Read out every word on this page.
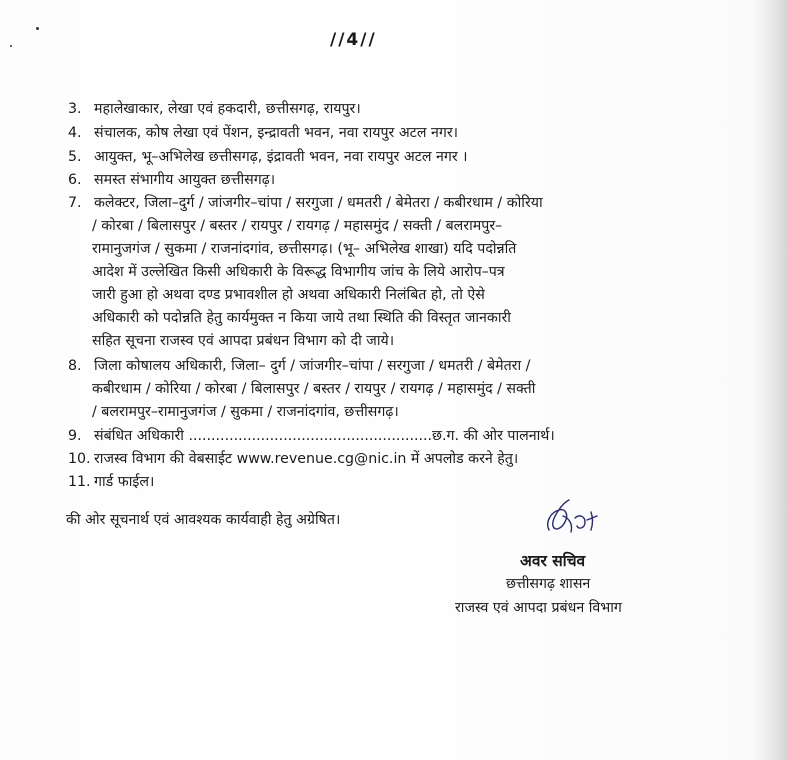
//4//
3. महालेखाकार, लेखा एवं हकदारी, छत्तीसगढ़, रायपुर।
4. संचालक, कोष लेखा एवं पेंशन, इन्द्रावती भवन, नवा रायपुर अटल नगर।
5. आयुक्त, भू–अभिलेख छत्तीसगढ़, इंद्रावती भवन, नवा रायपुर अटल नगर ।
6. समस्त संभागीय आयुक्त छत्तीसगढ़।
7. कलेक्टर, जिला–दुर्ग / जांजगीर–चांपा / सरगुजा / धमतरी / बेमेतरा / कबीरधाम / कोरिया
/ कोरबा / बिलासपुर / बस्तर / रायपुर / रायगढ़ / महासमुंद / सक्ती / बलरामपुर–
रामानुजगंज / सुकमा / राजनांदगांव, छत्तीसगढ़। (भू– अभिलेख शाखा) यदि पदोन्नति
आदेश में उल्लेखित किसी अधिकारी के विरूद्ध विभागीय जांच के लिये आरोप–पत्र
जारी हुआ हो अथवा दण्ड प्रभावशील हो अथवा अधिकारी निलंबित हो, तो ऐसे
अधिकारी को पदोन्नति हेतु कार्यमुक्त न किया जाये तथा स्थिति की विस्तृत जानकारी
सहित सूचना राजस्व एवं आपदा प्रबंधन विभाग को दी जाये।
8. जिला कोषालय अधिकारी, जिला– दुर्ग / जांजगीर–चांपा / सरगुजा / धमतरी / बेमेतरा /
कबीरधाम / कोरिया / कोरबा / बिलासपुर / बस्तर / रायपुर / रायगढ़ / महासमुंद / सक्ती
/ बलरामपुर–रामानुजगंज / सुकमा / राजनांदगांव, छत्तीसगढ़।
9. संबंधित अधिकारी ......................................................छ.ग. की ओर पालनार्थ।
10. राजस्व विभाग की वेबसाईट www.revenue.cg@nic.in में अपलोड करने हेतु।
11. गार्ड फाईल।
की ओर सूचनार्थ एवं आवश्यक कार्यवाही हेतु अग्रेषित।
अवर सचिव
छत्तीसगढ़ शासन
राजस्व एवं आपदा प्रबंधन विभाग
